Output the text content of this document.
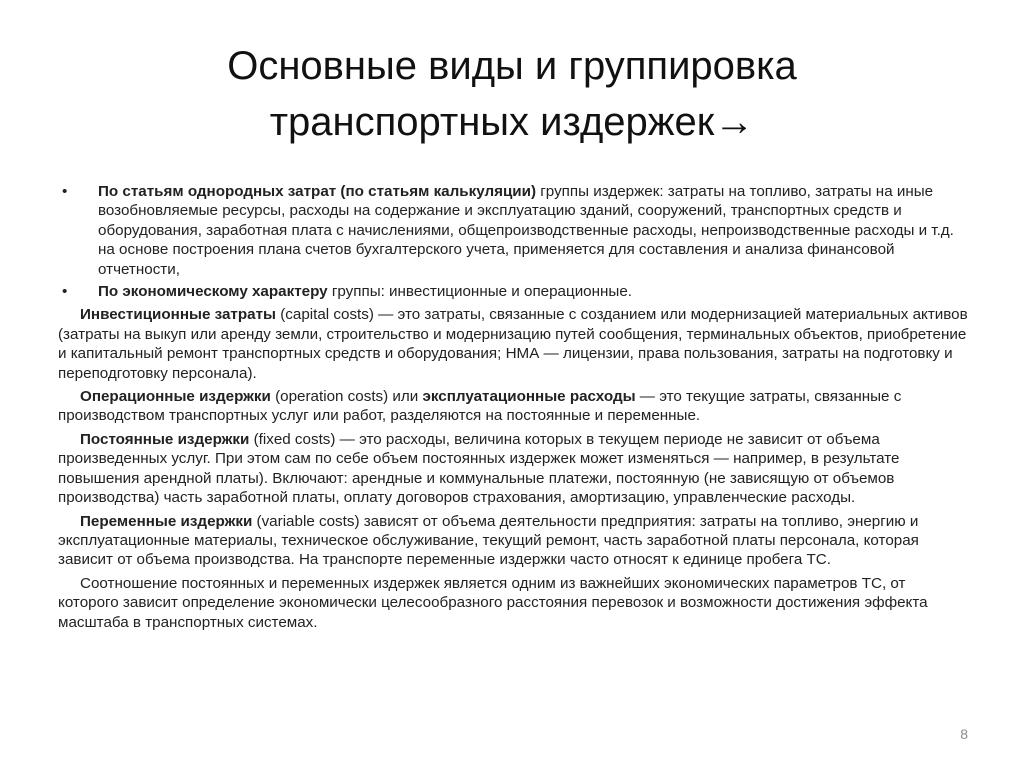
Основные виды и группировка
транспортных издержек→
• По статьям однородных затрат (по статьям калькуляции) группы издержек: затраты на топливо, затраты на иные возобновляемые ресурсы, расходы на содержание и эксплуатацию зданий, сооружений, транспортных средств и оборудования, заработная плата с начислениями, общепроизводственные расходы, непроизводственные расходы и т.д. на основе построения плана счетов бухгалтерского учета, применяется для составления и анализа финансовой отчетности,
• По экономическому характеру группы: инвестиционные и операционные.
Инвестиционные затраты (capital costs) — это затраты, связанные с созданием или модернизацией материальных активов (затраты на выкуп или аренду земли, строительство и модернизацию путей сообщения, терминальных объектов, приобретение и капитальный ремонт транспортных средств и оборудования; НМА — лицензии, права пользования, затраты на подготовку и переподготовку персонала).
Операционные издержки (operation costs) или эксплуатационные расходы — это текущие затраты, связанные с производством транспортных услуг или работ, разделяются на постоянные и переменные.
Постоянные издержки (fixed costs) — это расходы, величина которых в текущем периоде не зависит от объема произведенных услуг. При этом сам по себе объем постоянных издержек может изменяться — например, в результате повышения арендной платы). Включают: арендные и коммунальные платежи, постоянную (не зависящую от объемов производства) часть заработной платы, оплату договоров страхования, амортизацию, управленческие расходы.
Переменные издержки (variable costs) зависят от объема деятельности предприятия: затраты на топливо, энергию и эксплуатационные материалы, техническое обслуживание, текущий ремонт, часть заработной платы персонала, которая зависит от объема производства. На транспорте переменные издержки часто относят к единице пробега ТС.
Соотношение постоянных и переменных издержек является одним из важнейших экономических параметров ТС, от которого зависит определение экономически целесообразного расстояния перевозок и возможности достижения эффекта масштаба в транспортных системах.
8
